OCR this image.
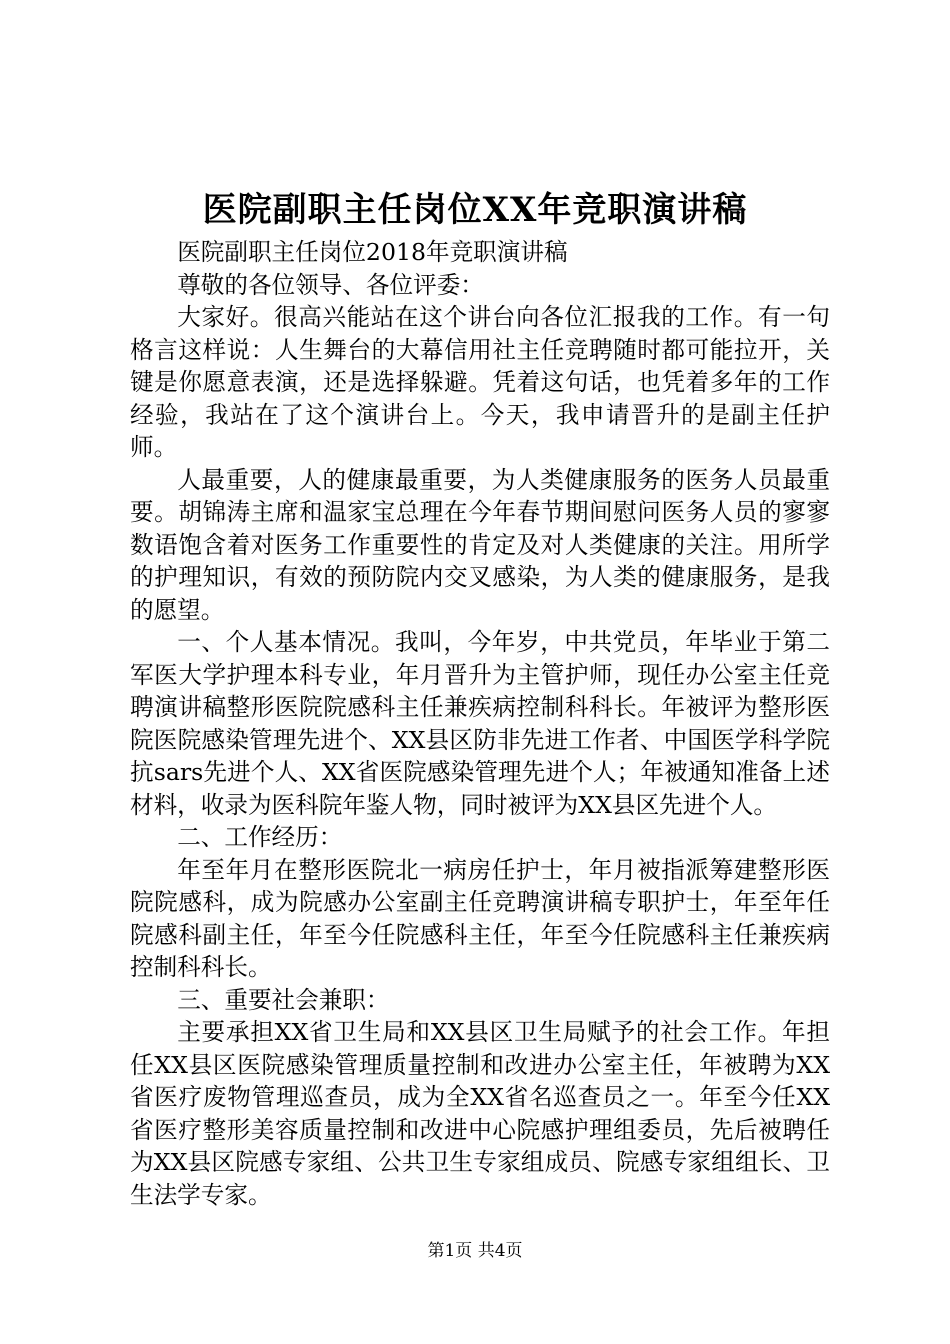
医院副职主任岗位XX年竞职演讲稿

医院副职主任岗位2018年竞职演讲稿

尊敬的各位领导、各位评委：

大家好。很高兴能站在这个讲台向各位汇报我的工作。有一句格言这样说：人生舞台的大幕信用社主任竞聘随时都可能拉开，关键是你愿意表演，还是选择躲避。凭着这句话，也凭着多年的工作经验，我站在了这个演讲台上。今天，我申请晋升的是副主任护师。

人最重要，人的健康最重要，为人类健康服务的医务人员最重要。胡锦涛主席和温家宝总理在今年春节期间慰问医务人员的寥寥数语饱含着对医务工作重要性的肯定及对人类健康的关注。用所学的护理知识，有效的预防院内交叉感染，为人类的健康服务，是我的愿望。

一、个人基本情况。我叫，今年岁，中共党员，年毕业于第二军医大学护理本科专业，年月晋升为主管护师，现任办公室主任竞聘演讲稿整形医院院感科主任兼疾病控制科科长。年被评为整形医院医院感染管理先进个、XX县区防非先进工作者、中国医学科学院抗sars先进个人、XX省医院感染管理先进个人；年被通知准备上述材料，收录为医科院年鉴人物，同时被评为XX县区先进个人。

二、工作经历：

年至年月在整形医院北一病房任护士，年月被指派筹建整形医院院感科，成为院感办公室副主任竞聘演讲稿专职护士，年至年任院感科副主任，年至今任院感科主任，年至今任院感科主任兼疾病控制科科长。

三、重要社会兼职：

主要承担XX省卫生局和XX县区卫生局赋予的社会工作。年担任XX县区医院感染管理质量控制和改进办公室主任，年被聘为XX省医疗废物管理巡查员，成为全XX省名巡查员之一。年至今任XX省医疗整形美容质量控制和改进中心院感护理组委员，先后被聘任为XX县区院感专家组、公共卫生专家组成员、院感专家组组长、卫生法学专家。

第1页 共4页
